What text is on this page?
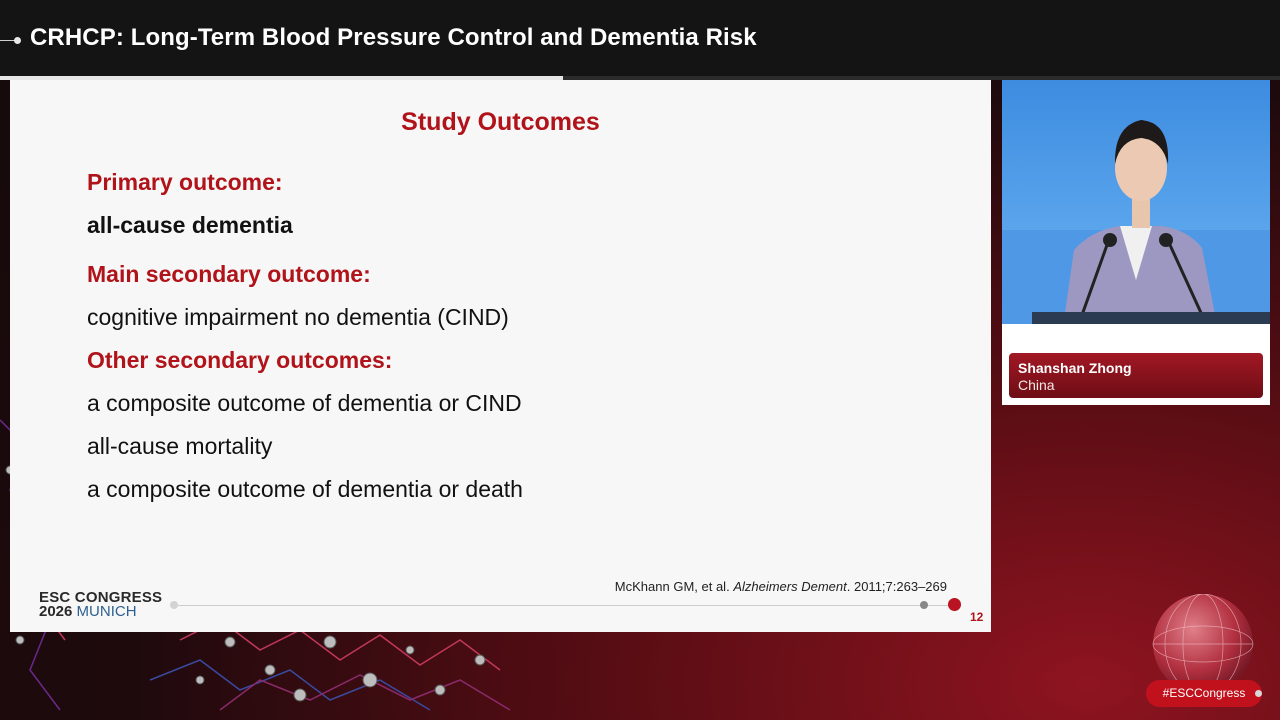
CRHCP: Long-Term Blood Pressure Control and Dementia Risk
Study Outcomes
Primary outcome:
all-cause dementia
Main secondary outcome:
cognitive impairment no dementia (CIND)
Other secondary outcomes:
a composite outcome of dementia or CIND
all-cause mortality
a composite outcome of dementia or death
McKhann GM, et al. Alzheimers Dement. 2011;7:263–269
ESC CONGRESS
2026 MUNICH	12
Shanshan Zhong
China
#ESCCongress
